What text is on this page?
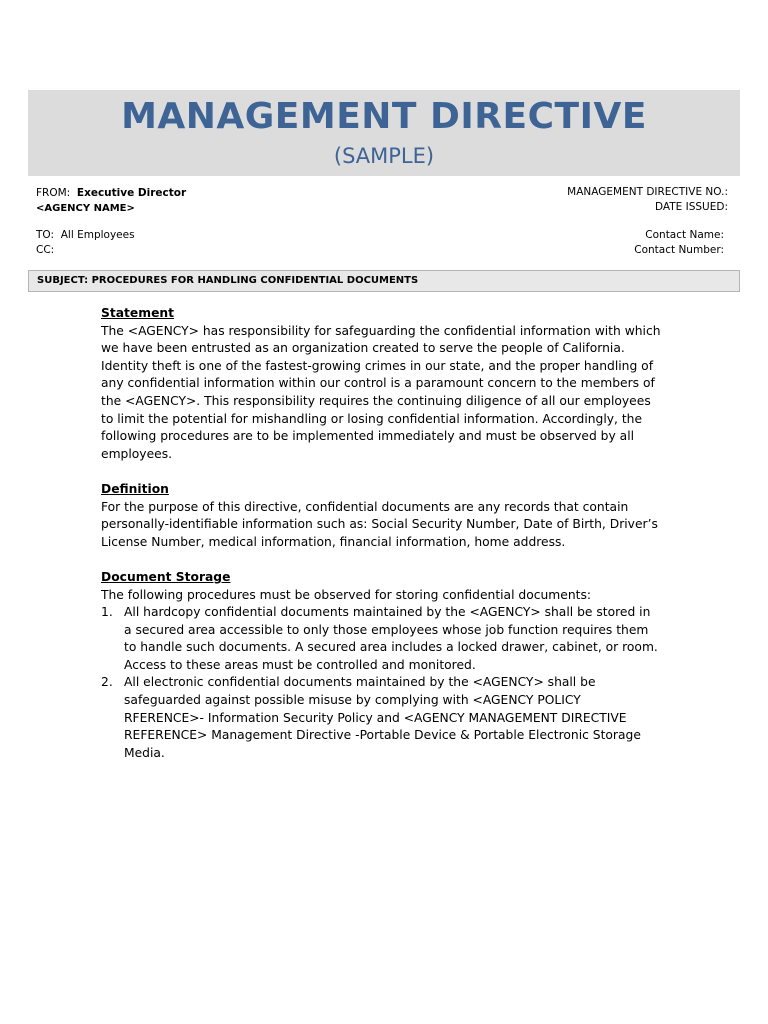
MANAGEMENT DIRECTIVE
(SAMPLE)
FROM: Executive Director
<AGENCY NAME>
MANAGEMENT DIRECTIVE NO.:
DATE ISSUED:
TO: All Employees
CC:
Contact Name:
Contact Number:
SUBJECT: PROCEDURES FOR HANDLING CONFIDENTIAL DOCUMENTS

Statement

The <AGENCY> has responsibility for safeguarding the confidential information with which we have been entrusted as an organization created to serve the people of California. Identity theft is one of the fastest-growing crimes in our state, and the proper handling of any confidential information within our control is a paramount concern to the members of the <AGENCY>. This responsibility requires the continuing diligence of all our employees to limit the potential for mishandling or losing confidential information. Accordingly, the following procedures are to be implemented immediately and must be observed by all employees.

Definition

For the purpose of this directive, confidential documents are any records that contain personally-identifiable information such as: Social Security Number, Date of Birth, Driver’s License Number, medical information, financial information, home address.

Document Storage

The following procedures must be observed for storing confidential documents:

1. All hardcopy confidential documents maintained by the <AGENCY> shall be stored in a secured area accessible to only those employees whose job function requires them to handle such documents. A secured area includes a locked drawer, cabinet, or room. Access to these areas must be controlled and monitored.
2. All electronic confidential documents maintained by the <AGENCY> shall be safeguarded against possible misuse by complying with <AGENCY POLICY RFERENCE>- Information Security Policy and <AGENCY MANAGEMENT DIRECTIVE REFERENCE> Management Directive -Portable Device & Portable Electronic Storage Media.
